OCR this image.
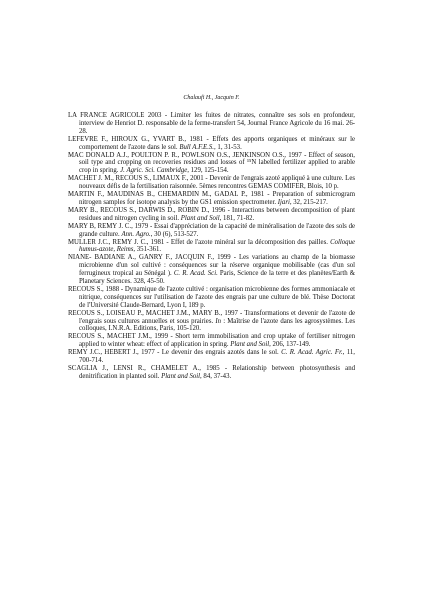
Chalaufi H., Jacquin F.

LA FRANCE AGRICOLE 2003 - Limiter les fuites de nitrates, connaître ses sols en profondeur, interview de Henriot D. responsable de la ferme-transfert 54, Journal France Agricole du 16 mai. 26-28.

LEFEVRE F., HIROUX G., YVART B., 1981 - Effets des apports organiques et minéraux sur le comportement de l'azote dans le sol. Bull A.F.E.S., 1, 31-53.

MAC DONALD A.J., POULTON P. R., POWLSON O.S., JENKINSON O.S., 1997 - Effect of season, soil type and cropping on recoveries residues and losses of ¹⁵N labelled fertilizer applied to arable crop in spring. J. Agric. Sci. Cambridge, 129, 125-154.

MACHET J. M., RECOUS S., LIMAUX F., 2001 - Devenir de l'engrais azoté appliqué à une culture. Les nouveaux défis de la fertilisation raisonnée. 5èmes rencontres GEMAS COMIFER, Blois, 10 p.

MARTIN F., MAUDINAS B., CHEMARDIN M., GADAL P., 1981 - Preparation of submicrogram nitrogen samples for isotope analysis by the GS1 emission spectrometer. Ijari, 32, 215-217.

MARY B., RECOUS S., DARWIS D., ROBIN D., 1996 - Interactions between decomposition of plant residues and nitrogen cycling in soil. Plant and Soil, 181, 71-82.

MARY B, REMY J. C., 1979 - Essai d'appréciation de la capacité de minéralisation de l'azote des sols de grande culture. Ann. Agro., 30 (6), 513-527.

MULLER J.C., REMY J. C., 1981 - Effet de l'azote minéral sur la décomposition des pailles. Colloque humus-azote, Reims, 351-361.

NIANE- BADIANE A., GANRY F., JACQUIN F., 1999 - Les variations au champ de la biomasse microbienne d'un sol cultivé : conséquences sur la réserve organique mobilisable (cas d'un sol ferrugineux tropical au Sénégal ). C. R. Acad. Sci. Paris, Science de la terre et des planètes/Earth & Planetary Sciences. 328, 45-50.

RECOUS S., 1988 - Dynamique de l'azote cultivé : organisation microbienne des formes ammoniacale et nitrique, conséquences sur l'utilisation de l'azote des engrais par une culture de blé. Thèse Doctorat de l'Université Claude-Bernard, Lyon I, 189 p.

RECOUS S., LOISEAU P., MACHET J.M., MARY B., 1997 - Transformations et devenir de l'azote de l'engrais sous cultures annuelles et sous prairies. In : Maîtrise de l'azote dans les agrosystèmes. Les colloques, I.N.R.A. Editions, Paris, 105-120.

RECOUS S., MACHET J.M., 1999 - Short term immobilisation and crop uptake of fertiliser nitrogen applied to winter wheat: effect of application in spring. Plant and Soil, 206, 137-149.

REMY J.C., HEBERT J., 1977 - Le devenir des engrais azotés dans le sol. C. R. Acad. Agric. Fr., 11, 700-714.

SCAGLIA J., LENSI R., CHAMELET A., 1985 - Relationship between photosynthesis and denitrification in planted soil. Plant and Soil, 84, 37-43.
